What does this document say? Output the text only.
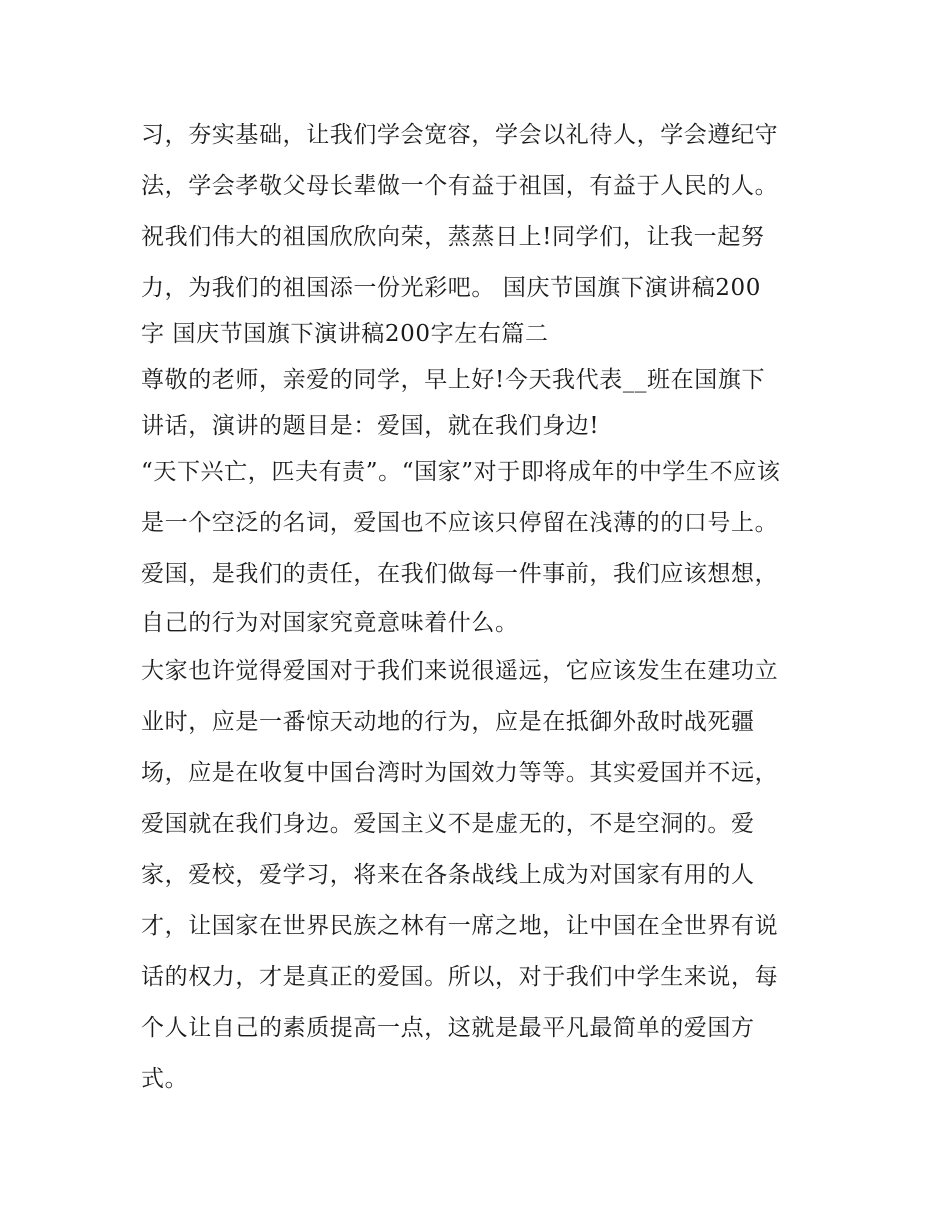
习，夯实基础，让我们学会宽容，学会以礼待人，学会遵纪守
法，学会孝敬父母长辈做一个有益于祖国，有益于人民的人。
祝我们伟大的祖国欣欣向荣，蒸蒸日上!同学们，让我一起努
力，为我们的祖国添一份光彩吧。 国庆节国旗下演讲稿200
字 国庆节国旗下演讲稿200字左右篇二
尊敬的老师，亲爱的同学，早上好!今天我代表__班在国旗下
讲话，演讲的题目是：爱国，就在我们身边!
“天下兴亡，匹夫有责”。“国家”对于即将成年的中学生不应该
是一个空泛的名词，爱国也不应该只停留在浅薄的的口号上。
爱国，是我们的责任，在我们做每一件事前，我们应该想想，
自己的行为对国家究竟意味着什么。
大家也许觉得爱国对于我们来说很遥远，它应该发生在建功立
业时，应是一番惊天动地的行为，应是在抵御外敌时战死疆
场，应是在收复中国台湾时为国效力等等。其实爱国并不远，
爱国就在我们身边。爱国主义不是虚无的，不是空洞的。爱
家，爱校，爱学习，将来在各条战线上成为对国家有用的人
才，让国家在世界民族之林有一席之地，让中国在全世界有说
话的权力，才是真正的爱国。所以，对于我们中学生来说，每
个人让自己的素质提高一点，这就是最平凡最简单的爱国方
式。
